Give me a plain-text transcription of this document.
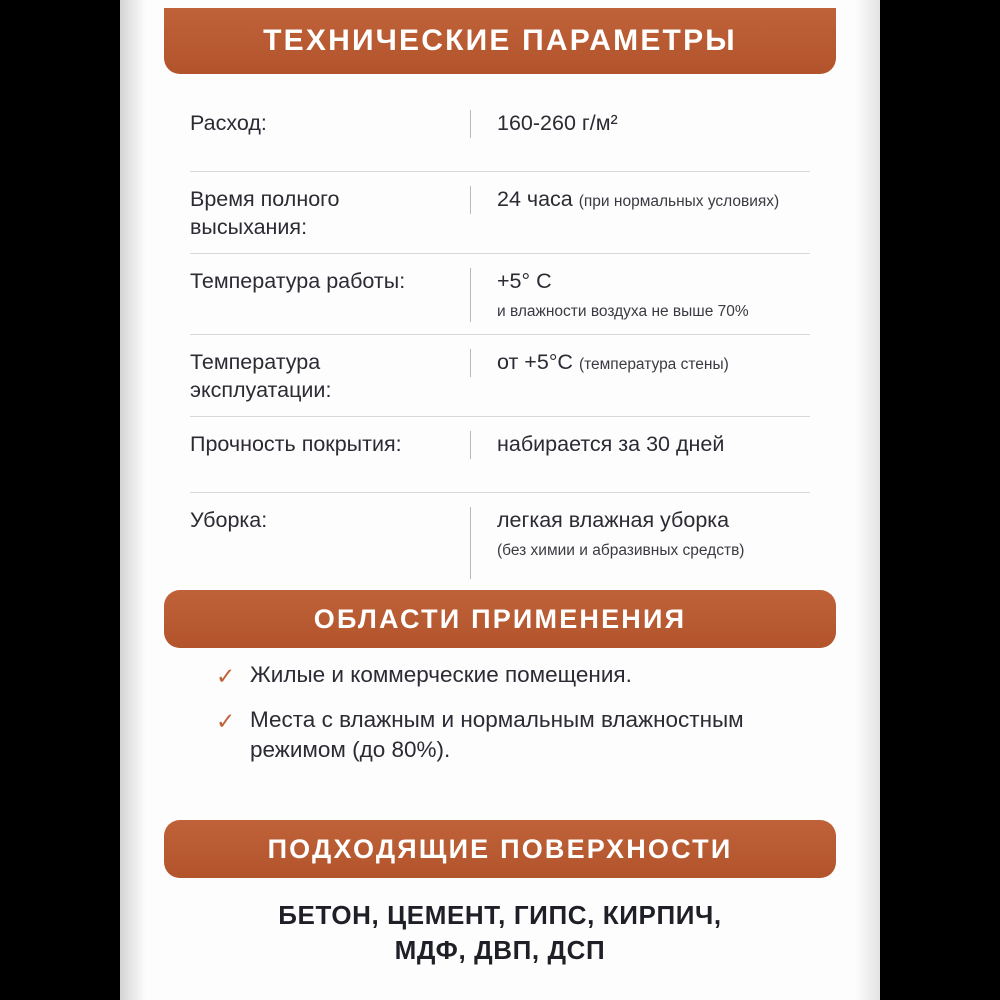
ТЕХНИЧЕСКИЕ ПАРАМЕТРЫ
Расход:	160-260 г/м²
Время полного высыхания:
24 часа (при нормальных условиях)
Температура работы:	+5° C
и влажности воздуха не выше 70%
Температура эксплуатации:
от +5°C (температура стены)
Прочность покрытия:	набирается за 30 дней
Уборка:	легкая влажная уборка
(без химии и абразивных средств)
ОБЛАСТИ ПРИМЕНЕНИЯ
✓ Жилые и коммерческие помещения.
✓ Места с влажным и нормальным влажностным режимом (до 80%).
ПОДХОДЯЩИЕ ПОВЕРХНОСТИ
БЕТОН, ЦЕМЕНТ, ГИПС, КИРПИЧ,
МДФ, ДВП, ДСП
